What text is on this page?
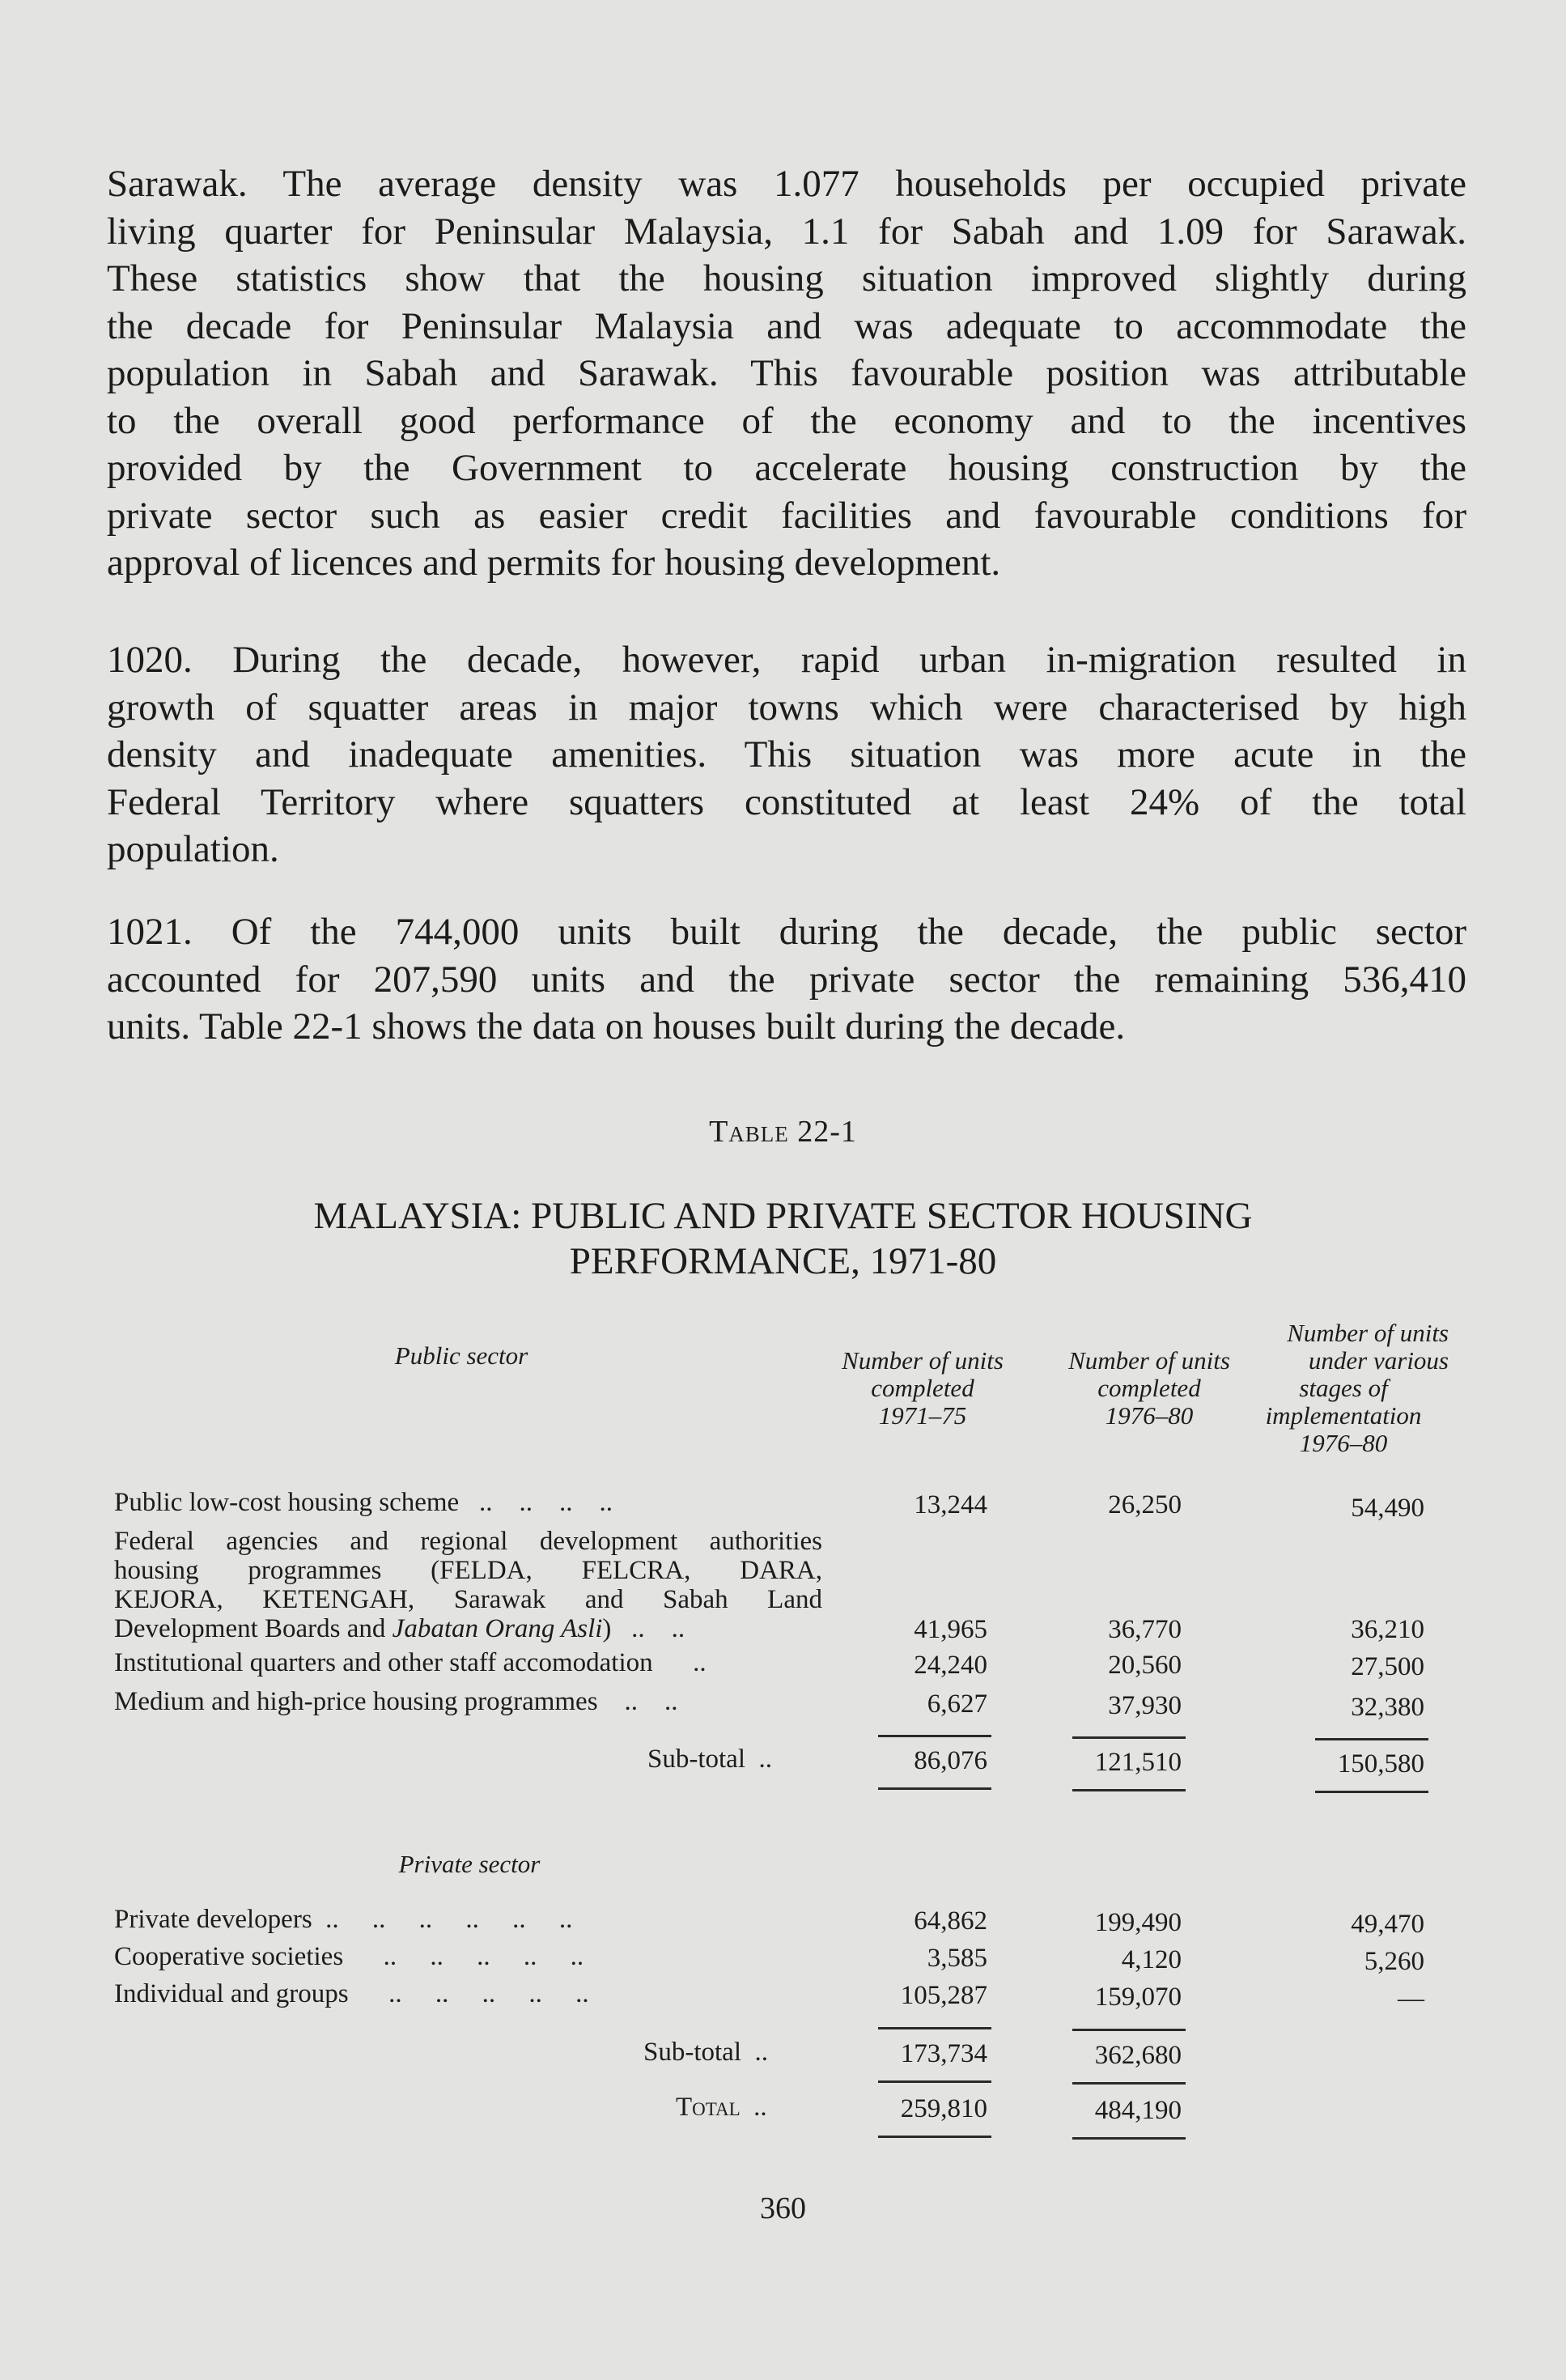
Sarawak. The average density was 1.077 households per occupied private
living quarter for Peninsular Malaysia, 1.1 for Sabah and 1.09 for Sarawak.
These statistics show that the housing situation improved slightly during
the decade for Peninsular Malaysia and was adequate to accommodate the
population in Sabah and Sarawak. This favourable position was attributable
to the overall good performance of the economy and to the incentives
provided by the Government to accelerate housing construction by the
private sector such as easier credit facilities and favourable conditions for
approval of licences and permits for housing development.
1020. During the decade, however, rapid urban in-migration resulted in
growth of squatter areas in major towns which were characterised by high
density and inadequate amenities. This situation was more acute in the
Federal Territory where squatters constituted at least 24% of the total
population.
1021. Of the 744,000 units built during the decade, the public sector
accounted for 207,590 units and the private sector the remaining 536,410
units. Table 22-1 shows the data on houses built during the decade.
Table 22-1
MALAYSIA: PUBLIC AND PRIVATE SECTOR HOUSING
PERFORMANCE, 1971-80
Public sector	Number of units
completed
1971–75
Number of units
completed
1976–80
Number of units
under various
stages of
implementation
1976–80
Public low-cost housing scheme   ..    ..    ..    ..	13,244	26,250	54,490
Federal agencies and regional development authorities
housing programmes (FELDA, FELCRA, DARA,
KEJORA, KETENGAH, Sarawak and Sabah Land
Development Boards and Jabatan Orang Asli)   ..    ..	41,965	36,770	36,210
Institutional quarters and other staff accomodation      ..	24,240	20,560	27,500
Medium and high-price housing programmes    ..    ..	6,627	37,930	32,380
Sub-total  ..	86,076	121,510	150,580
Private sector
Private developers  ..     ..     ..     ..     ..     ..	64,862	199,490	49,470
Cooperative societies      ..     ..     ..     ..     ..	3,585	4,120	5,260
Individual and groups      ..     ..     ..     ..     ..	105,287	159,070	—
Sub-total  ..	173,734	362,680
Total  ..	259,810	484,190
360
